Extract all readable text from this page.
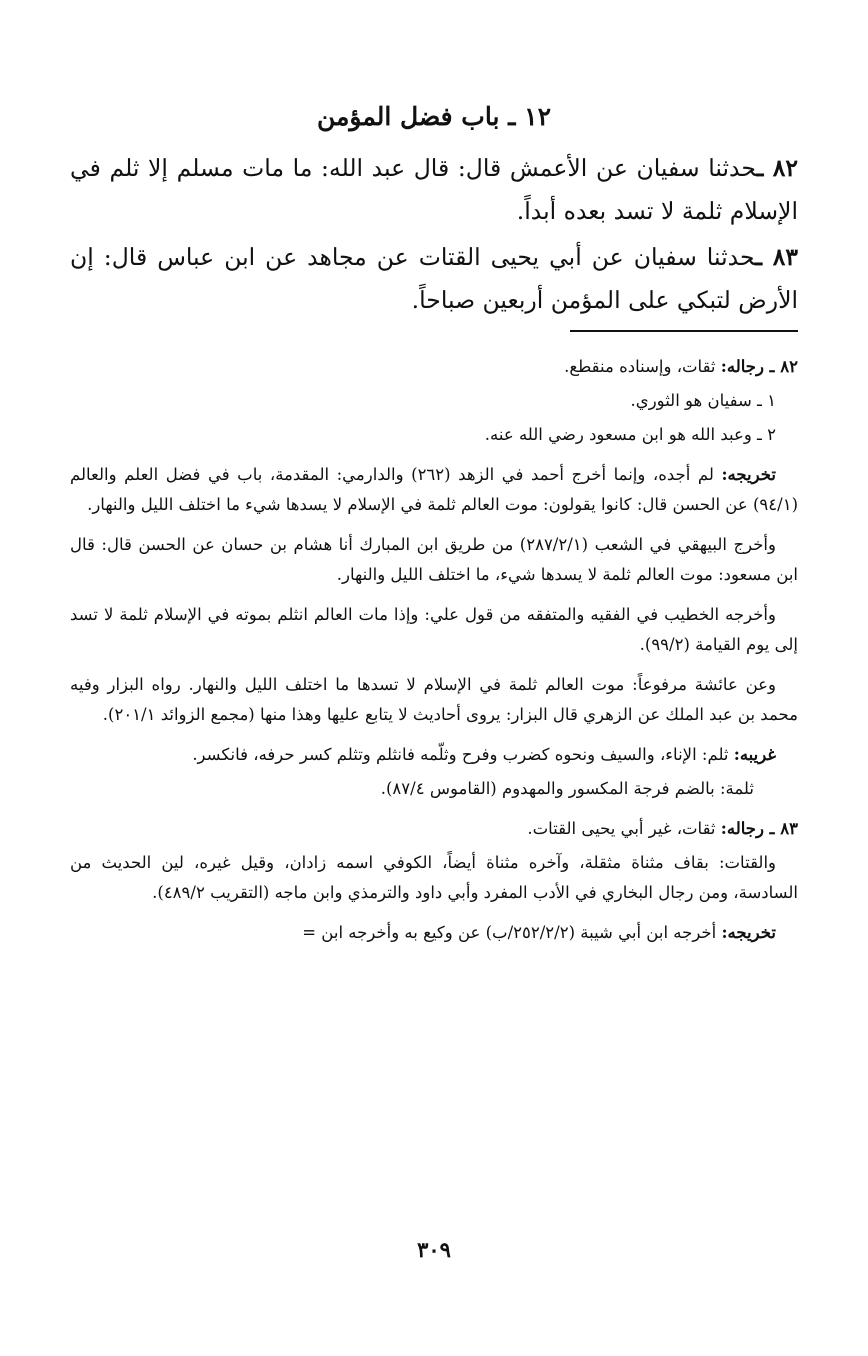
١٢ ـ باب فضل المؤمن
٨٢ ـحدثنا سفيان عن الأعمش قال: قال عبد الله: ما مات مسلم إلا ثلم في الإسلام ثلمة لا تسد بعده أبداً.
٨٣ ـحدثنا سفيان عن أبي يحيى القتات عن مجاهد عن ابن عباس قال: إن الأرض لتبكي على المؤمن أربعين صباحاً.

٨٢ ـ رجاله: ثقات، وإسناده منقطع.

١ ـ سفيان هو الثوري.

٢ ـ وعبد الله هو ابن مسعود رضي الله عنه.

تخريجه: لم أجده، وإنما أخرج أحمد في الزهد (٢٦٢) والدارمي: المقدمة، باب في فضل العلم والعالم (٩٤/١) عن الحسن قال: كانوا يقولون: موت العالم ثلمة في الإسلام لا يسدها شيء ما اختلف الليل والنهار.

وأخرج البيهقي في الشعب (٢٨٧/٢/١) من طريق ابن المبارك أنا هشام بن حسان عن الحسن قال: قال ابن مسعود: موت العالم ثلمة لا يسدها شيء، ما اختلف الليل والنهار.

وأخرجه الخطيب في الفقيه والمتفقه من قول علي: وإذا مات العالم انثلم بموته في الإسلام ثلمة لا تسد إلى يوم القيامة (٩٩/٢).

وعن عائشة مرفوعاً: موت العالم ثلمة في الإسلام لا تسدها ما اختلف الليل والنهار. رواه البزار وفيه محمد بن عبد الملك عن الزهري قال البزار: يروى أحاديث لا يتابع عليها وهذا منها (مجمع الزوائد ٢٠١/١).

غريبه: ثلم: الإناء، والسيف ونحوه كضرب وفرح وثلّمه فانثلم وتثلم كسر حرفه، فانكسر.

ثلمة: بالضم فرجة المكسور والمهدوم (القاموس ٨٧/٤).

٨٣ ـ رجاله: ثقات، غير أبي يحيى القتات.

والقتات: بقاف مثناة مثقلة، وآخره مثناة أيضاً، الكوفي اسمه زادان، وقيل غيره، لين الحديث من السادسة، ومن رجال البخاري في الأدب المفرد وأبي داود والترمذي وابن ماجه (التقريب ٤٨٩/٢).

تخريجه: أخرجه ابن أبي شيبة (٢٥٢/٢/٢/ب) عن وكيع به وأخرجه ابن =

٣٠٩
